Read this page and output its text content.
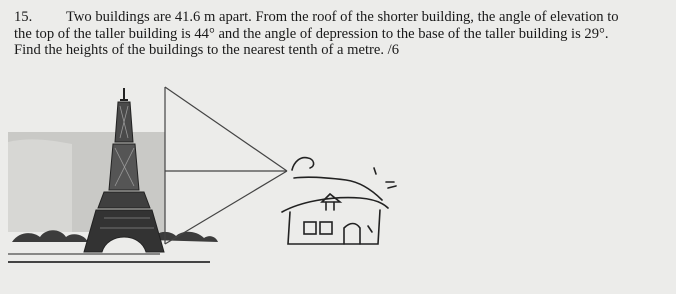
15. Two buildings are 41.6 m apart. From the roof of the shorter building, the angle of elevation to

the top of the taller building is 44° and the angle of depression to the base of the taller building is 29°.

Find the heights of the buildings to the nearest tenth of a metre. /6
